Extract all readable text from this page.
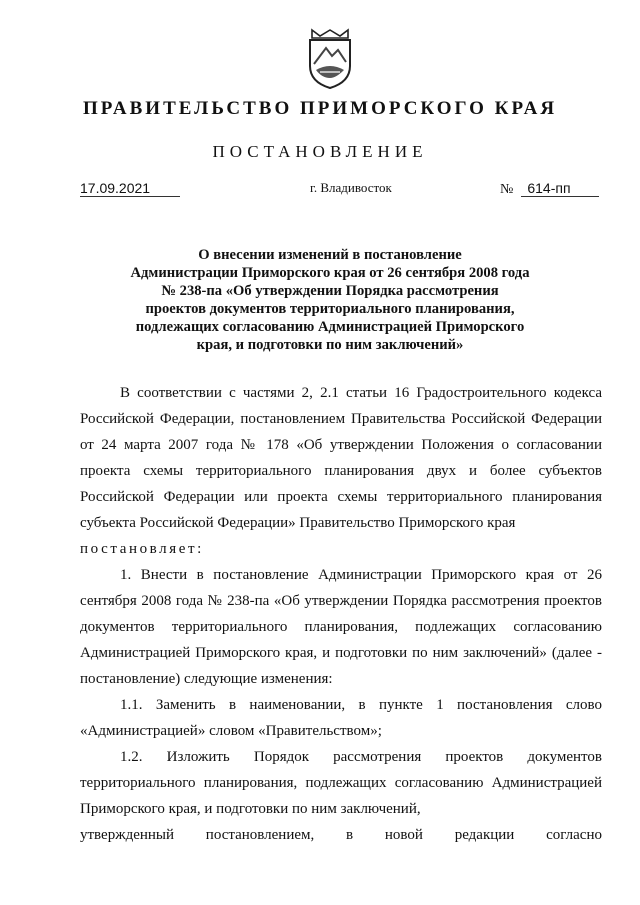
ПРАВИТЕЛЬСТВО ПРИМОРСКОГО КРАЯ
ПОСТАНОВЛЕНИЕ
17.09.2021	г. Владивосток	№ 614-пп
О внесении изменений в постановление
Администрации Приморского края от 26 сентября 2008 года
№ 238-па «Об утверждении Порядка рассмотрения
проектов документов территориального планирования,
подлежащих согласованию Администрацией Приморского
края, и подготовки по ним заключений»

В соответствии с частями 2, 2.1 статьи 16 Градостроительного кодекса Российской Федерации, постановлением Правительства Российской Федерации от 24 марта 2007 года № 178 «Об утверждении Положения о согласовании проекта схемы территориального планирования двух и более субъектов Российской Федерации или проекта схемы территориального планирования субъекта Российской Федерации» Правительство Приморского края

постановляет:

1. Внести в постановление Администрации Приморского края от 26 сентября 2008 года № 238-па «Об утверждении Порядка рассмотрения проектов документов территориального планирования, подлежащих согласованию Администрацией Приморского края, и подготовки по ним заключений» (далее - постановление) следующие изменения:

1.1. Заменить в наименовании, в пункте 1 постановления слово «Администрацией» словом «Правительством»;

1.2. Изложить Порядок рассмотрения проектов документов территориального планирования, подлежащих согласованию Администрацией Приморского края, и подготовки по ним заключений,

утвержденный постановлением, в новой редакции согласно
